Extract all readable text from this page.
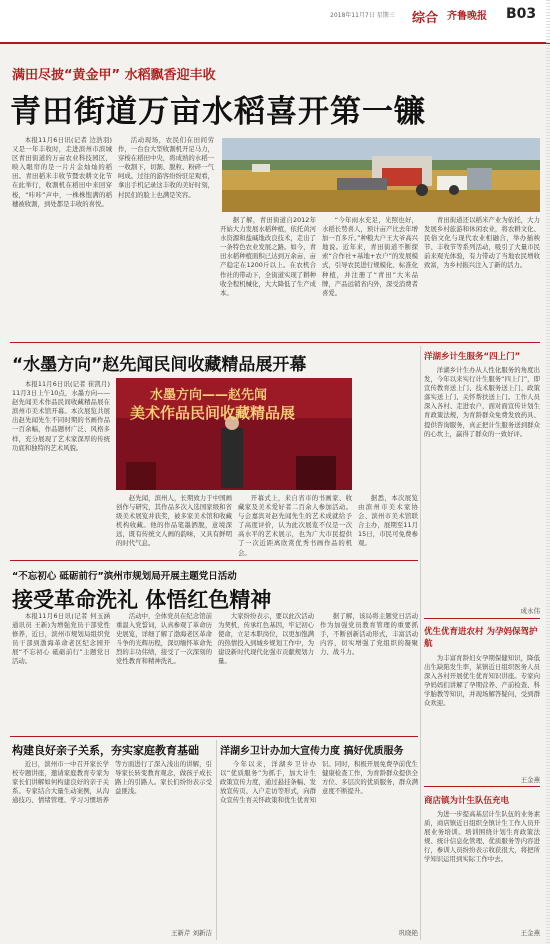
2018年11月7日 星期三 综合 齐鲁晚报 B03
满田尽披“黄金甲” 水稻飘香迎丰收
青田街道万亩水稻喜开第一镰

本报11月6日讯(记者 边浩羽)又是一年丰收时，走进滨州市滨城区青田街道的万亩农业科技园区，映入眼帘的是一片片金灿灿的稻田。青田稻米丰收节暨农耕文化节在此举行，收割机在稻田中来回穿梭，“咔咔”声中，一株株饱满的稻穗被收割，到处都是丰收的喜悦。

活动现场，农民们在田间劳作，一台台大型收割机开足马力，穿梭在稻田中央，将成熟的水稻一一收割下，切割、脱粒、粉碎一气呵成。过往的游客纷纷驻足观看，拿出手机记录这丰收的美好时刻，村民们的脸上也满是笑容。

据了解，青田街道自2012年开始大力发展水稻种植，依托黄河水资源和盐碱地改良技术，走出了一条特色农业发展之路。如今，青田水稻种植面积已达到万余亩，亩产稳定在1200斤以上。在农机合作社的带动下，全街道实现了耕种收全程机械化，大大降低了生产成本。

“今年雨水充足，光照也好，水稻长势喜人，预计亩产比去年增加一百多斤。”种粮大户王大爷高兴地说。近年来，青田街道不断探索“合作社+基地+农户”的发展模式，引导农民进行规模化、标准化种植，并注册了“青田”大米品牌，产品远销省内外，深受消费者喜爱。

青田街道还以稻米产业为依托，大力发展乡村旅游和休闲农业，将农耕文化、民俗文化与现代农业相融合，举办插秧节、丰收节等系列活动，吸引了大量市民前来观光体验，有力带动了当地农民增收致富，为乡村振兴注入了新的活力。

“水墨方向”赵先闻民间收藏精品展开幕
水墨方向——赵先闻
美术作品民间收藏精品展

本报11月6日讯(记者 崔凯月) 11月3日上午10点，水墨方向——赵先闻美术作品民间收藏精品展在滨州市美术馆开幕。本次展览共展出赵先闻先生不同时期的书画作品一百余幅，作品题材广泛、风格多样，充分展现了艺术家深厚的传统功底和独特的艺术风貌。

赵先闻，滨州人，长期致力于中国画创作与研究，其作品多次入选国家级和省级美术展览并获奖，被多家美术馆和收藏机构收藏。他的作品笔墨洒脱，意境深远，既有传统文人画的韵味，又具有鲜明的时代气息。

开幕式上，来自省市的书画家、收藏家及美术爱好者二百余人参加活动。与会嘉宾对赵先闻先生的艺术成就给予了高度评价，认为此次展览不仅是一次高水平的艺术展示，也为广大市民提供了一次近距离欣赏优秀书画作品的机会。

据悉，本次展览由滨州市美术家协会、滨州市美术馆联合主办，展期至11月15日，市民可免费参观。

洋湖乡计生服务“四上门”

洋湖乡计生办从人性化服务的角度出发，今年以来实行计生服务“四上门”，即宣传教育送上门、技术服务送上门、政策落实送上门、关怀帮扶送上门。工作人员深入各村、走进农户，面对面宣传计划生育政策法规，为育龄群众免费发放药具、提供咨询服务，真正把计生服务送到群众的心坎上，赢得了群众的一致好评。

成永伟
“不忘初心 砥砺前行”滨州市规划局开展主题党日活动
接受革命洗礼 体悟红色精神

本报11月6日讯(记者 何玉涵 通讯员 王新)为增强党员干部党性修养，近日，滨州市规划局组织党员干部到渤海革命老区纪念园开展“不忘初心 砥砺前行”主题党日活动。

活动中，全体党员在纪念馆前重温入党誓词，认真参观了革命历史展览，详细了解了渤海老区革命斗争的光辉历程，深切缅怀革命先烈的丰功伟绩，接受了一次深刻的党性教育和精神洗礼。

大家纷纷表示，要以此次活动为契机，传承红色基因，牢记初心使命，立足本职岗位，以更加饱满的热情投入到城乡规划工作中，为建设新时代现代化强市贡献规划力量。

据了解，该局将主题党日活动作为加强党员教育管理的重要抓手，不断创新活动形式，丰富活动内容，切实增强了党组织的凝聚力、战斗力。

优生优育进农村 为孕妈保驾护航

为丰富育龄妇女孕期保健知识，降低出生缺陷发生率，某镇近日组织医务人员深入各村开展优生优育知识讲座。专家向孕妈妈们讲解了孕期营养、产前检查、科学胎教等知识，并现场解答疑问，受到群众欢迎。

王金燕
构建良好亲子关系，夯实家庭教育基础

近日，滨州市一中召开家长学校专题讲座，邀请家庭教育专家为家长们讲解如何构建良好的亲子关系。专家结合大量生动案例，从沟通技巧、情绪管理、学习习惯培养等方面进行了深入浅出的讲解，引导家长转变教育观念，做孩子成长路上的引路人。家长们纷纷表示受益匪浅。

王新芹 刘新洁
洋湖乡卫计办加大宣传力度 搞好优质服务

今年以来，洋湖乡卫计办以“优质服务”为抓手，加大计生政策宣传力度，通过悬挂条幅、发放宣传页、入户走访等形式，向群众宣传生育关怀政策和优生优育知识。同时，积极开展免费孕前优生健康检查工作，为育龄群众提供全方位、多层次的优质服务，群众满意度不断提升。

巩晓艳
商店镇为计生队伍充电

为进一步提高基层计生队伍的业务素质，商店镇近日组织全镇计生工作人员开展业务培训。培训围绕计划生育政策法规、统计信息化管理、优质服务等内容进行，参训人员纷纷表示收获很大，将把所学知识运用到实际工作中去。

王金燕
